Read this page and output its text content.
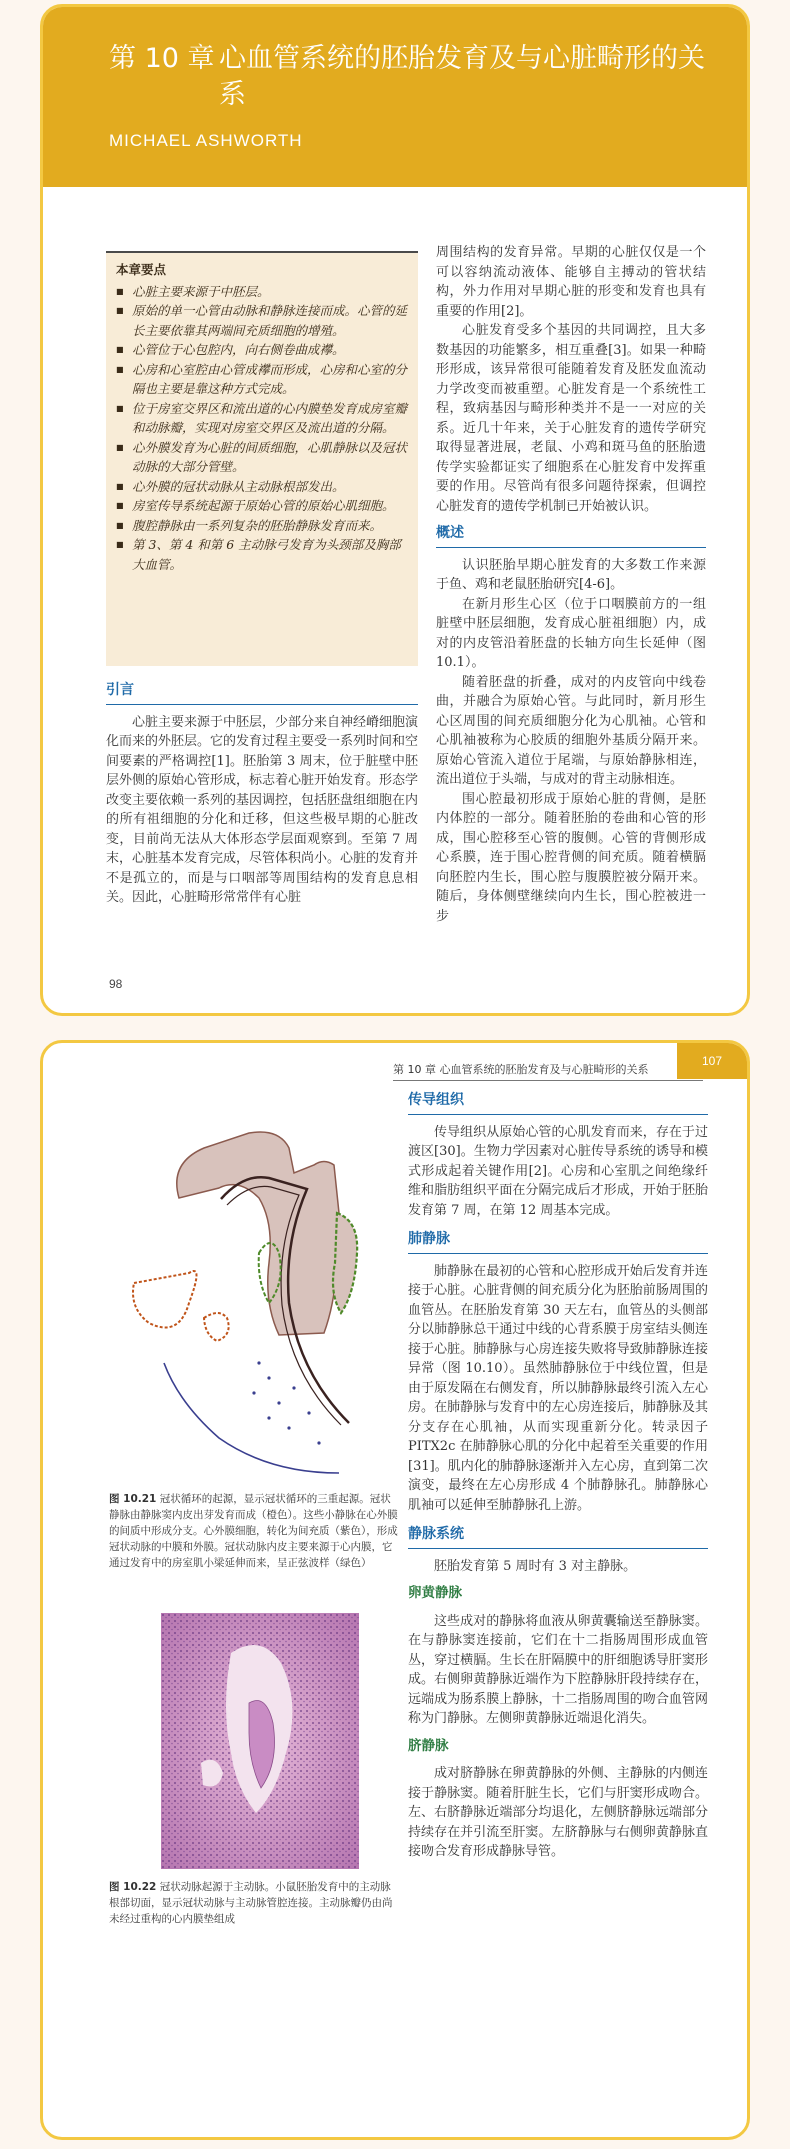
第 10 章 心血管系统的胚胎发育及与心脏畸形的关系
MICHAEL ASHWORTH
本章要点
■ 心脏主要来源于中胚层。
■ 原始的单一心管由动脉和静脉连接而成。心管的延长主要依靠其两端间充质细胞的增殖。
■ 心管位于心包腔内，向右侧卷曲成襻。
■ 心房和心室腔由心管成襻而形成，心房和心室的分隔也主要是靠这种方式完成。
■ 位于房室交界区和流出道的心内膜垫发育成房室瓣和动脉瓣，实现对房室交界区及流出道的分隔。
■ 心外膜发育为心脏的间质细胞，心肌静脉以及冠状动脉的大部分管壁。
■ 心外膜的冠状动脉从主动脉根部发出。
■ 房室传导系统起源于原始心管的原始心肌细胞。
■ 腹腔静脉由一系列复杂的胚胎静脉发育而来。
■ 第 3、第 4 和第 6 主动脉弓发育为头颈部及胸部大血管。
引言

心脏主要来源于中胚层，少部分来自神经嵴细胞演化而来的外胚层。它的发育过程主要受一系列时间和空间要素的严格调控[1]。胚胎第 3 周末，位于脏壁中胚层外侧的原始心管形成，标志着心脏开始发育。形态学改变主要依赖一系列的基因调控，包括胚盘组细胞在内的所有祖细胞的分化和迁移，但这些极早期的心脏改变，目前尚无法从大体形态学层面观察到。至第 7 周末，心脏基本发育完成，尽管体积尚小。心脏的发育并不是孤立的，而是与口咽部等周围结构的发育息息相关。因此，心脏畸形常常伴有心脏

周围结构的发育异常。早期的心脏仅仅是一个可以容纳流动液体、能够自主搏动的管状结构，外力作用对早期心脏的形变和发育也具有重要的作用[2]。

心脏发育受多个基因的共同调控，且大多数基因的功能繁多，相互重叠[3]。如果一种畸形形成，该异常很可能随着发育及胚发血流动力学改变而被重塑。心脏发育是一个系统性工程，致病基因与畸形种类并不是一一对应的关系。近几十年来，关于心脏发育的遗传学研究取得显著进展，老鼠、小鸡和斑马鱼的胚胎遗传学实验都证实了细胞系在心脏发育中发挥重要的作用。尽管尚有很多问题待探索，但调控心脏发育的遗传学机制已开始被认识。

概述

认识胚胎早期心脏发育的大多数工作来源于鱼、鸡和老鼠胚胎研究[4-6]。

在新月形生心区（位于口咽膜前方的一组脏壁中胚层细胞，发育成心脏祖细胞）内，成对的内皮管沿着胚盘的长轴方向生长延伸（图 10.1）。

随着胚盘的折叠，成对的内皮管向中线卷曲，并融合为原始心管。与此同时，新月形生心区周围的间充质细胞分化为心肌袖。心管和心肌袖被称为心胶质的细胞外基质分隔开来。原始心管流入道位于尾端，与原始静脉相连，流出道位于头端，与成对的背主动脉相连。

围心腔最初形成于原始心脏的背侧，是胚内体腔的一部分。随着胚胎的卷曲和心管的形成，围心腔移至心管的腹侧。心管的背侧形成心系膜，连于围心腔背侧的间充质。随着横膈向胚腔内生长，围心腔与腹膜腔被分隔开来。随后，身体侧壁继续向内生长，围心腔被进一步

98
第 10 章 心血管系统的胚胎发育及与心脏畸形的关系
107
图 10.21 冠状循环的起源，显示冠状循环的三重起源。冠状静脉由静脉窦内皮出芽发育而成（橙色）。这些小静脉在心外膜的间质中形成分支。心外膜细胞，转化为间充质（紫色），形成冠状动脉的中膜和外膜。冠状动脉内皮主要来源于心内膜，它通过发育中的房室肌小梁延伸而来，呈正弦波样（绿色）
图 10.22 冠状动脉起源于主动脉。小鼠胚胎发育中的主动脉根部切面，显示冠状动脉与主动脉管腔连接。主动脉瓣仍由尚未经过重构的心内膜垫组成
传导组织

传导组织从原始心管的心肌发育而来，存在于过渡区[30]。生物力学因素对心脏传导系统的诱导和模式形成起着关键作用[2]。心房和心室肌之间绝缘纤维和脂肪组织平面在分隔完成后才形成，开始于胚胎发育第 7 周，在第 12 周基本完成。

肺静脉

肺静脉在最初的心管和心腔形成开始后发育并连接于心脏。心脏背侧的间充质分化为胚胎前肠周围的血管丛。在胚胎发育第 30 天左右，血管丛的头侧部分以肺静脉总干通过中线的心背系膜于房室结头侧连接于心脏。肺静脉与心房连接失败将导致肺静脉连接异常（图 10.10）。虽然肺静脉位于中线位置，但是由于原发隔在右侧发育，所以肺静脉最终引流入左心房。在肺静脉与发育中的左心房连接后，肺静脉及其分支存在心肌袖，从而实现重新分化。转录因子 PITX2c 在肺静脉心肌的分化中起着至关重要的作用[31]。肌内化的肺静脉逐渐并入左心房，直到第二次演变，最终在左心房形成 4 个肺静脉孔。肺静脉心肌袖可以延伸至肺静脉孔上游。

静脉系统

胚胎发育第 5 周时有 3 对主静脉。

卵黄静脉

这些成对的静脉将血液从卵黄囊输送至静脉窦。在与静脉窦连接前，它们在十二指肠周围形成血管丛，穿过横膈。生长在肝隔膜中的肝细胞诱导肝窦形成。右侧卵黄静脉近端作为下腔静脉肝段持续存在，远端成为肠系膜上静脉，十二指肠周围的吻合血管网称为门静脉。左侧卵黄静脉近端退化消失。

脐静脉

成对脐静脉在卵黄静脉的外侧、主静脉的内侧连接于静脉窦。随着肝脏生长，它们与肝窦形成吻合。左、右脐静脉近端部分均退化，左侧脐静脉远端部分持续存在并引流至肝窦。左脐静脉与右侧卵黄静脉直接吻合发育形成静脉导管。
